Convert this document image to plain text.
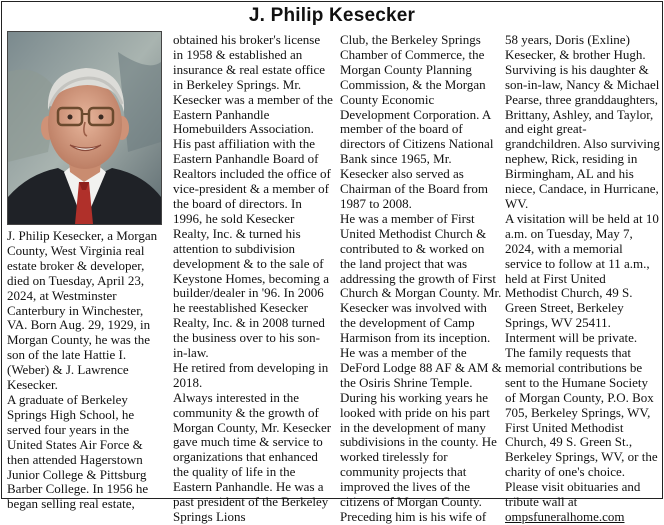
J. Philip Kesecker

J. Philip Kesecker, a Morgan County, West Virginia real estate broker & developer, died on Tuesday, April 23, 2024, at Westminster Canterbury in Winchester, VA. Born Aug. 29, 1929, in Morgan County, he was the son of the late Hattie I. (Weber) & J. Lawrence Kesecker.

A graduate of Berkeley Springs High School, he served four years in the United States Air Force & then attended Hagerstown Junior College & Pittsburg Barber College. In 1956 he began selling real estate,

obtained his broker's license in 1958 & established an insurance & real estate office in Berkeley Springs. Mr. Kesecker was a member of the Eastern Panhandle Homebuilders Association. His past affiliation with the Eastern Panhandle Board of Realtors included the office of vice-president & a member of the board of directors. In 1996, he sold Kesecker Realty, Inc. & turned his attention to subdivision development & to the sale of Keystone Homes, becoming a builder/dealer in '96. In 2006 he reestablished Kesecker Realty, Inc. & in 2008 turned the business over to his son-in-law.

He retired from developing in 2018.

Always interested in the community & the growth of Morgan County, Mr. Kesecker gave much time & service to organizations that enhanced the quality of life in the Eastern Panhandle. He was a past president of the Berkeley Springs Lions

Club, the Berkeley Springs Chamber of Commerce, the Morgan County Planning Commission, & the Morgan County Economic Development Corporation. A member of the board of directors of Citizens National Bank since 1965, Mr. Kesecker also served as Chairman of the Board from 1987 to 2008.

He was a member of First United Methodist Church & contributed to & worked on the land project that was addressing the growth of First Church & Morgan County. Mr. Kesecker was involved with the development of Camp Harmison from its inception. He was a member of the DeFord Lodge 88 AF & AM & the Osiris Shrine Temple. During his working years he looked with pride on his part in the development of many subdivisions in the county. He worked tirelessly for community projects that improved the lives of the citizens of Morgan County.

Preceding him is his wife of

58 years, Doris (Exline) Kesecker, & brother Hugh. Surviving is his daughter & son-in-law, Nancy & Michael Pearse, three granddaughters, Brittany, Ashley, and Taylor, and eight great-grandchildren. Also surviving nephew, Rick, residing in Birmingham, AL and his niece, Candace, in Hurricane, WV.

A visitation will be held at 10 a.m. on Tuesday, May 7, 2024, with a memorial service to follow at 11 a.m., held at First United Methodist Church, 49 S. Green Street, Berkeley Springs, WV 25411. Interment will be private.

The family requests that memorial contributions be sent to the Humane Society of Morgan County, P.O. Box 705, Berkeley Springs, WV, First United Methodist Church, 49 S. Green St., Berkeley Springs, WV, or the charity of one's choice.

Please visit obituaries and tribute wall at

ompsfuneralhome.com
